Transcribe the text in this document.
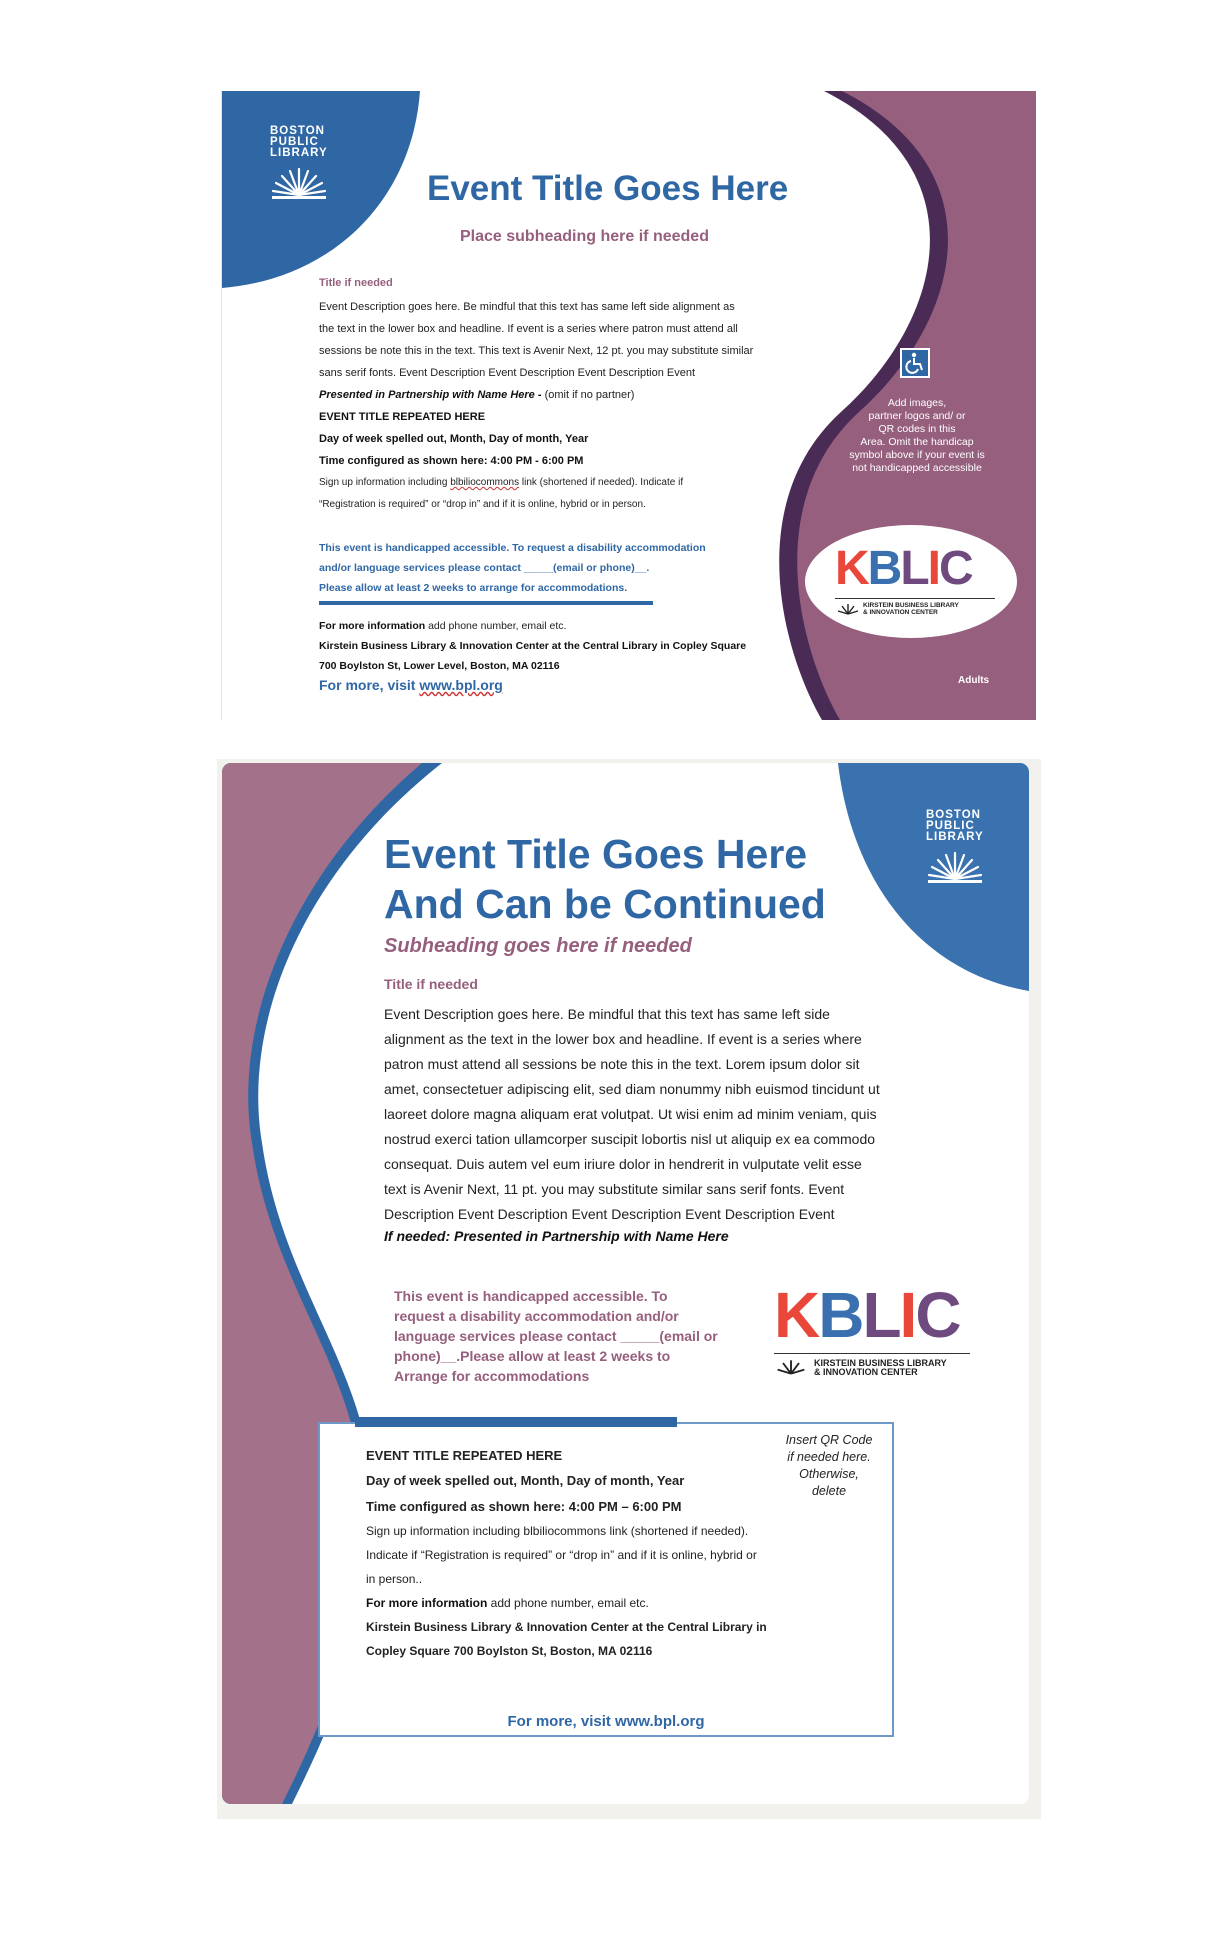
BOSTON
PUBLIC
LIBRARY
Event Title Goes Here
Place subheading here if needed
Title if needed
Event Description goes here. Be mindful that this text has same left side alignment as
the text in the lower box and headline. If event is a series where patron must attend all
sessions be note this in the text. This text is Avenir Next, 12 pt. you may substitute similar
sans serif fonts. Event Description Event Description Event Description Event
Presented in Partnership with Name Here - (omit if no partner)
EVENT TITLE REPEATED HERE
Day of week spelled out, Month, Day of month, Year
Time configured as shown here: 4:00 PM - 6:00 PM
Sign up information including blbiliocommons link (shortened if needed). Indicate if
“Registration is required” or “drop in” and if it is online, hybrid or in person.
This event is handicapped accessible. To request a disability accommodation
and/or language services please contact _____(email or phone)__.
Please allow at least 2 weeks to arrange for accommodations.
For more information add phone number, email etc.
Kirstein Business Library & Innovation Center at the Central Library in Copley Square
700 Boylston St, Lower Level, Boston, MA 02116
For more, visit www.bpl.org
Add images,
partner logos and/ or
QR codes in this
Area. Omit the handicap
symbol above if your event is
not handicapped accessible
KBLIC
KIRSTEIN BUSINESS LIBRARY
& INNOVATION CENTER
Adults
BOSTON
PUBLIC
LIBRARY
Event Title Goes Here
And Can be Continued
Subheading goes here if needed
Title if needed
Event Description goes here. Be mindful that this text has same left side
alignment as the text in the lower box and headline. If event is a series where
patron must attend all sessions be note this in the text. Lorem ipsum dolor sit
amet, consectetuer adipiscing elit, sed diam nonummy nibh euismod tincidunt ut
laoreet dolore magna aliquam erat volutpat. Ut wisi enim ad minim veniam, quis
nostrud exerci tation ullamcorper suscipit lobortis nisl ut aliquip ex ea commodo
consequat. Duis autem vel eum iriure dolor in hendrerit in vulputate velit esse
text is Avenir Next, 11 pt. you may substitute similar sans serif fonts. Event
Description Event Description Event Description Event Description Event
If needed: Presented in Partnership with Name Here
This event is handicapped accessible. To
request a disability accommodation and/or
language services please contact _____(email or
phone)__.Please allow at least 2 weeks to
Arrange for accommodations
KBLIC
KIRSTEIN BUSINESS LIBRARY
& INNOVATION CENTER
EVENT TITLE REPEATED HERE
Day of week spelled out, Month, Day of month, Year
Time configured as shown here: 4:00 PM – 6:00 PM
Sign up information including blbiliocommons link (shortened if needed).
Indicate if “Registration is required” or “drop in” and if it is online, hybrid or
in person..
For more information add phone number, email etc.
Kirstein Business Library & Innovation Center at the Central Library in
Copley Square 700 Boylston St, Boston, MA 02116
Insert QR Code
if needed here.
Otherwise,
delete
For more, visit www.bpl.org
Adults
